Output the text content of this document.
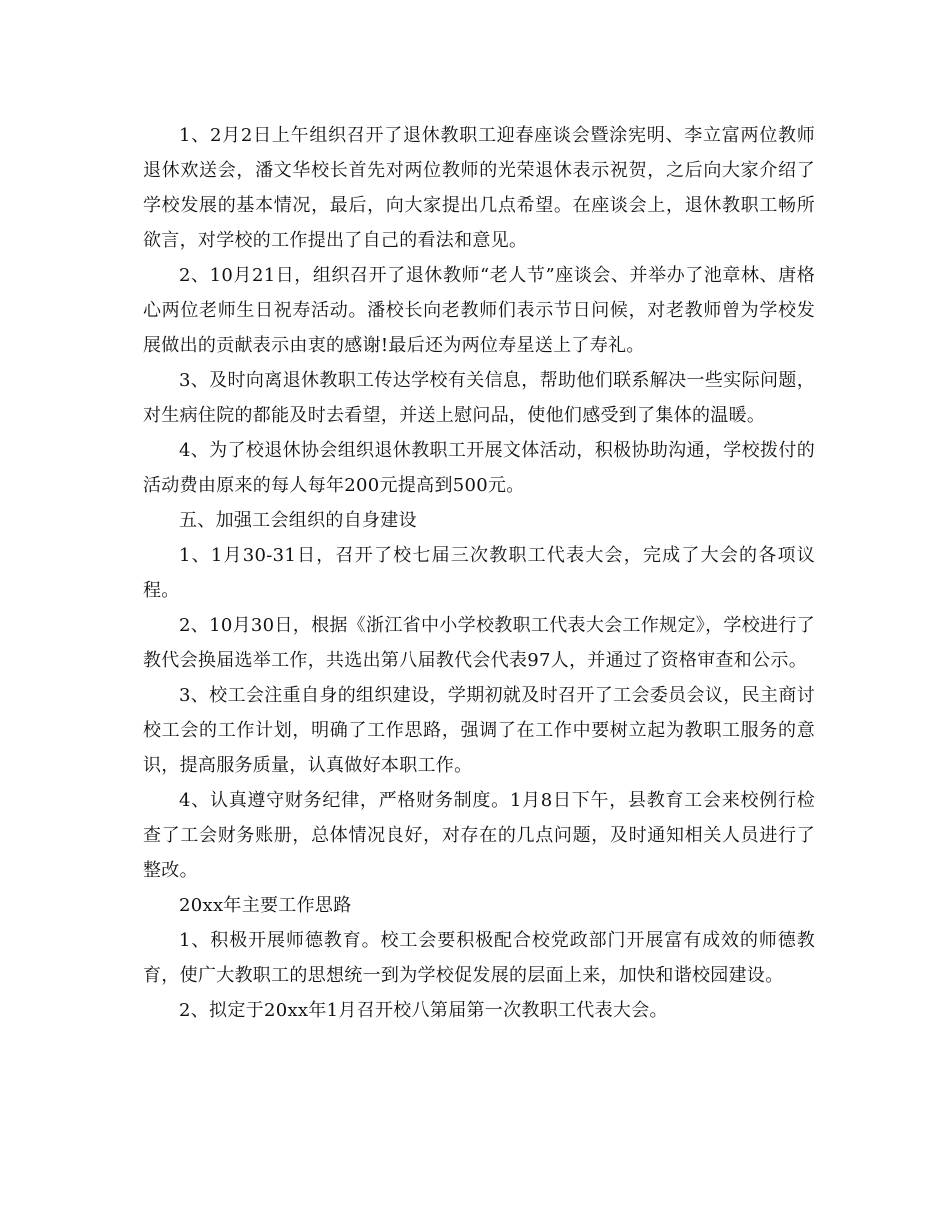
1、2月2日上午组织召开了退休教职工迎春座谈会暨涂宪明、李立富两位教师退休欢送会，潘文华校长首先对两位教师的光荣退休表示祝贺，之后向大家介绍了学校发展的基本情况，最后，向大家提出几点希望。在座谈会上，退休教职工畅所欲言，对学校的工作提出了自己的看法和意见。

2、10月21日，组织召开了退休教师“老人节”座谈会、并举办了池章林、唐格心两位老师生日祝寿活动。潘校长向老教师们表示节日问候，对老教师曾为学校发展做出的贡献表示由衷的感谢!最后还为两位寿星送上了寿礼。

3、及时向离退休教职工传达学校有关信息，帮助他们联系解决一些实际问题，对生病住院的都能及时去看望，并送上慰问品，使他们感受到了集体的温暖。

4、为了校退休协会组织退休教职工开展文体活动，积极协助沟通，学校拨付的活动费由原来的每人每年200元提高到500元。

五、加强工会组织的自身建设

1、1月30-31日，召开了校七届三次教职工代表大会，完成了大会的各项议程。

2、10月30日，根据《浙江省中小学校教职工代表大会工作规定》，学校进行了教代会换届选举工作，共选出第八届教代会代表97人，并通过了资格审查和公示。

3、校工会注重自身的组织建设，学期初就及时召开了工会委员会议，民主商讨校工会的工作计划，明确了工作思路，强调了在工作中要树立起为教职工服务的意识，提高服务质量，认真做好本职工作。

4、认真遵守财务纪律，严格财务制度。1月8日下午，县教育工会来校例行检查了工会财务账册，总体情况良好，对存在的几点问题，及时通知相关人员进行了整改。

20xx年主要工作思路

1、积极开展师德教育。校工会要积极配合校党政部门开展富有成效的师德教育，使广大教职工的思想统一到为学校促发展的层面上来，加快和谐校园建设。

2、拟定于20xx年1月召开校八第届第一次教职工代表大会。
